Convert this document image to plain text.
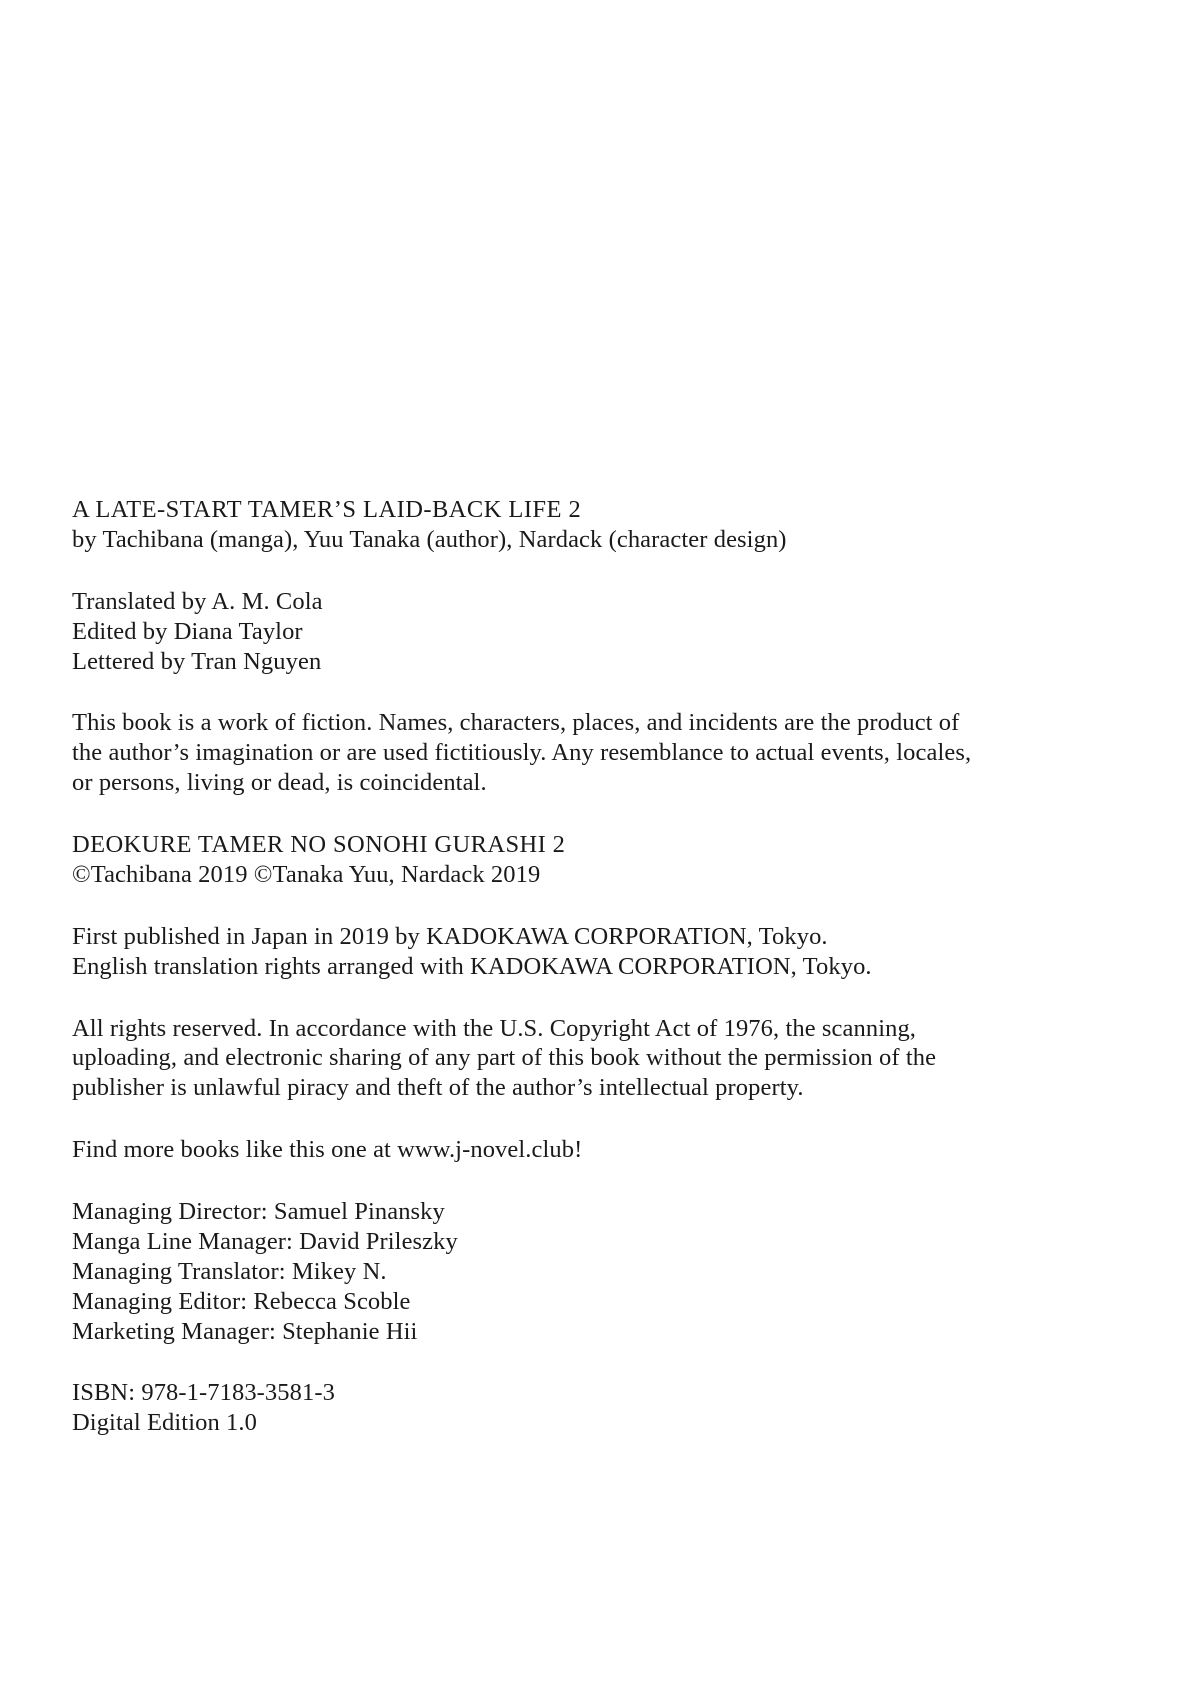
A LATE-START TAMER’S LAID-BACK LIFE 2
by Tachibana (manga), Yuu Tanaka (author), Nardack (character design)
Translated by A. M. Cola
Edited by Diana Taylor
Lettered by Tran Nguyen

This book is a work of fiction. Names, characters, places, and incidents are the product of the author’s imagination or are used fictitiously. Any resemblance to actual events, locales, or persons, living or dead, is coincidental.

DEOKURE TAMER NO SONOHI GURASHI 2
©Tachibana 2019 ©Tanaka Yuu, Nardack 2019
First published in Japan in 2019 by KADOKAWA CORPORATION, Tokyo.
English translation rights arranged with KADOKAWA CORPORATION, Tokyo.

All rights reserved. In accordance with the U.S. Copyright Act of 1976, the scanning, uploading, and electronic sharing of any part of this book without the permission of the publisher is unlawful piracy and theft of the author’s intellectual property.

Find more books like this one at www.j-novel.club!
Managing Director: Samuel Pinansky
Manga Line Manager: David Prileszky
Managing Translator: Mikey N.
Managing Editor: Rebecca Scoble
Marketing Manager: Stephanie Hii
ISBN: 978-1-7183-3581-3
Digital Edition 1.0
